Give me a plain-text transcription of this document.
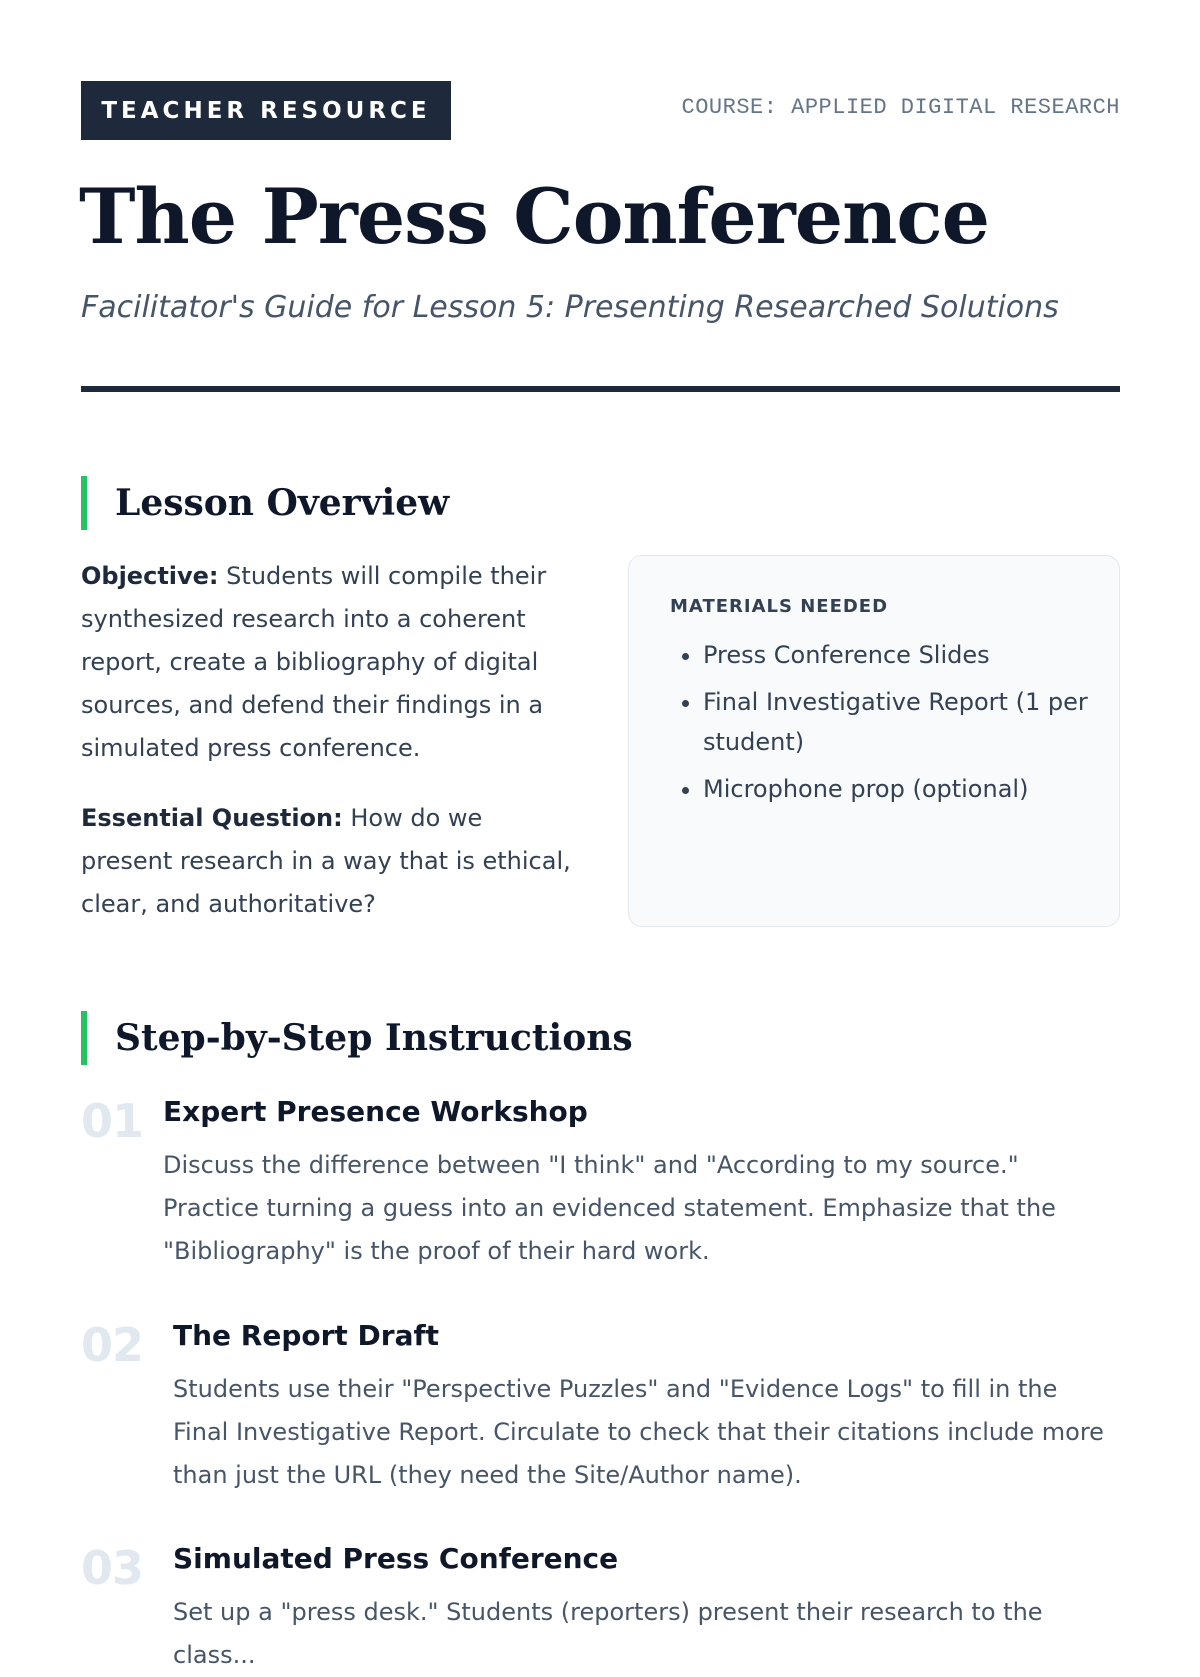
TEACHER RESOURCE	COURSE: APPLIED DIGITAL RESEARCH
The Press Conference
Facilitator's Guide for Lesson 5: Presenting Researched Solutions
Lesson Overview

Objective: Students will compile their synthesized research into a coherent report, create a bibliography of digital sources, and defend their findings in a simulated press conference.

Essential Question: How do we present research in a way that is ethical, clear, and authoritative?

MATERIALS NEEDED
• Press Conference Slides
• Final Investigative Report (1 per student)
• Microphone prop (optional)
Step-by-Step Instructions
01 Expert Presence Workshop
Discuss the difference between "I think" and "According to my source." Practice turning a guess into an evidenced statement. Emphasize that the "Bibliography" is the proof of their hard work.
02 The Report Draft
Students use their "Perspective Puzzles" and "Evidence Logs" to fill in the Final Investigative Report. Circulate to check that their citations include more than just the URL (they need the Site/Author name).
03 Simulated Press Conference
Set up a "press desk." Students (reporters) present their research to the class...
